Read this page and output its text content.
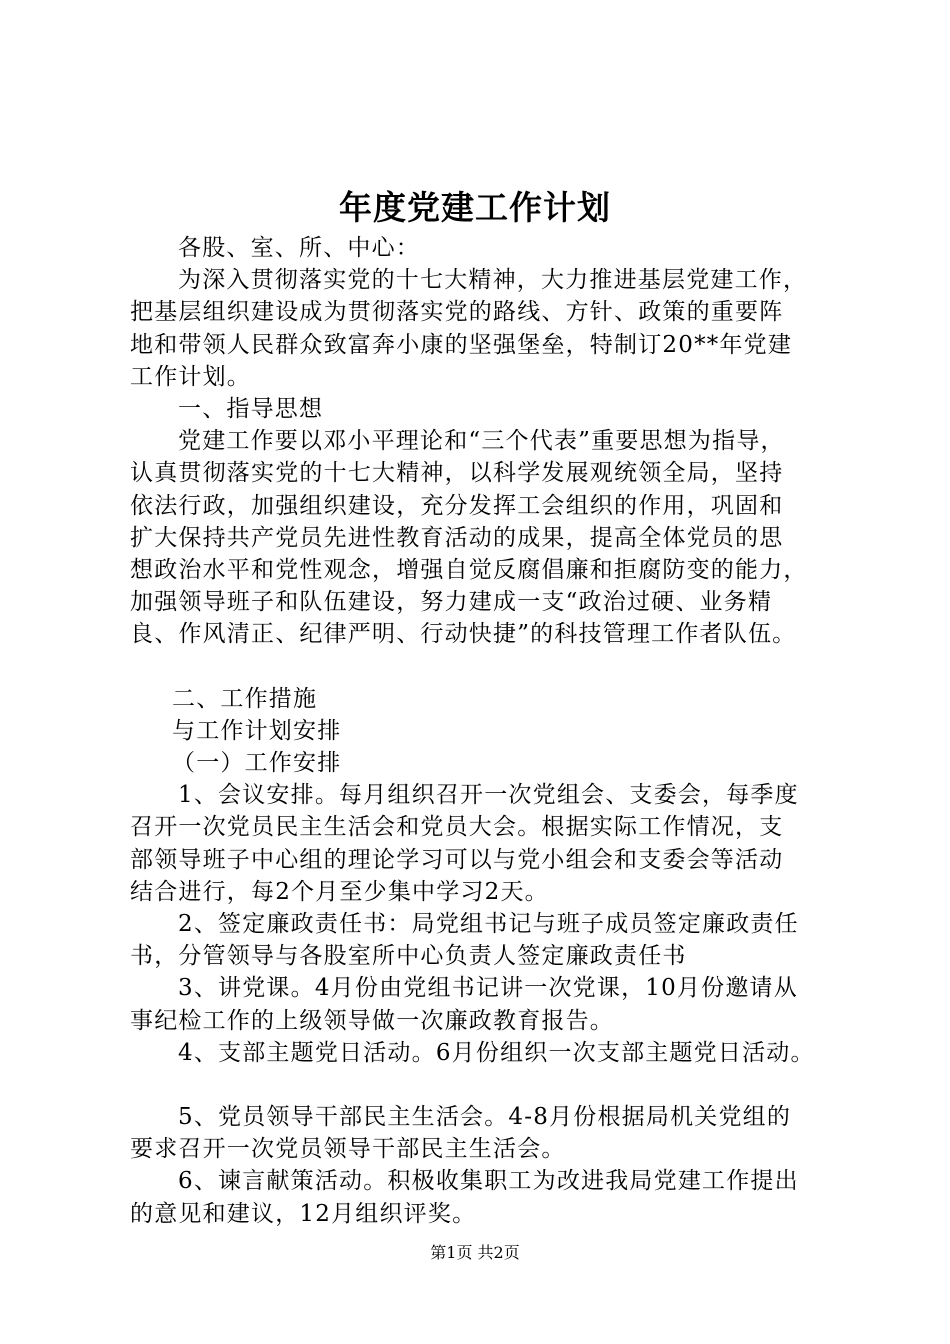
年度党建工作计划
各股、室、所、中心：
为深入贯彻落实党的十七大精神，大力推进基层党建工作，
把基层组织建设成为贯彻落实党的路线、方针、政策的重要阵
地和带领人民群众致富奔小康的坚强堡垒，特制订20**年党建
工作计划。
一、指导思想
党建工作要以邓小平理论和“三个代表”重要思想为指导，
认真贯彻落实党的十七大精神，以科学发展观统领全局，坚持
依法行政，加强组织建设，充分发挥工会组织的作用，巩固和
扩大保持共产党员先进性教育活动的成果，提高全体党员的思
想政治水平和党性观念，增强自觉反腐倡廉和拒腐防变的能力，
加强领导班子和队伍建设，努力建成一支“政治过硬、业务精
良、作风清正、纪律严明、行动快捷”的科技管理工作者队伍。
二、工作措施
与工作计划安排
（一）工作安排
1、会议安排。每月组织召开一次党组会、支委会，每季度
召开一次党员民主生活会和党员大会。根据实际工作情况，支
部领导班子中心组的理论学习可以与党小组会和支委会等活动
结合进行，每2个月至少集中学习2天。
2、签定廉政责任书：局党组书记与班子成员签定廉政责任
书，分管领导与各股室所中心负责人签定廉政责任书
3、讲党课。4月份由党组书记讲一次党课，10月份邀请从
事纪检工作的上级领导做一次廉政教育报告。
4、支部主题党日活动。6月份组织一次支部主题党日活动。
5、党员领导干部民主生活会。4-8月份根据局机关党组的
要求召开一次党员领导干部民主生活会。
6、谏言献策活动。积极收集职工为改进我局党建工作提出
的意见和建议，12月组织评奖。
第1页 共2页
